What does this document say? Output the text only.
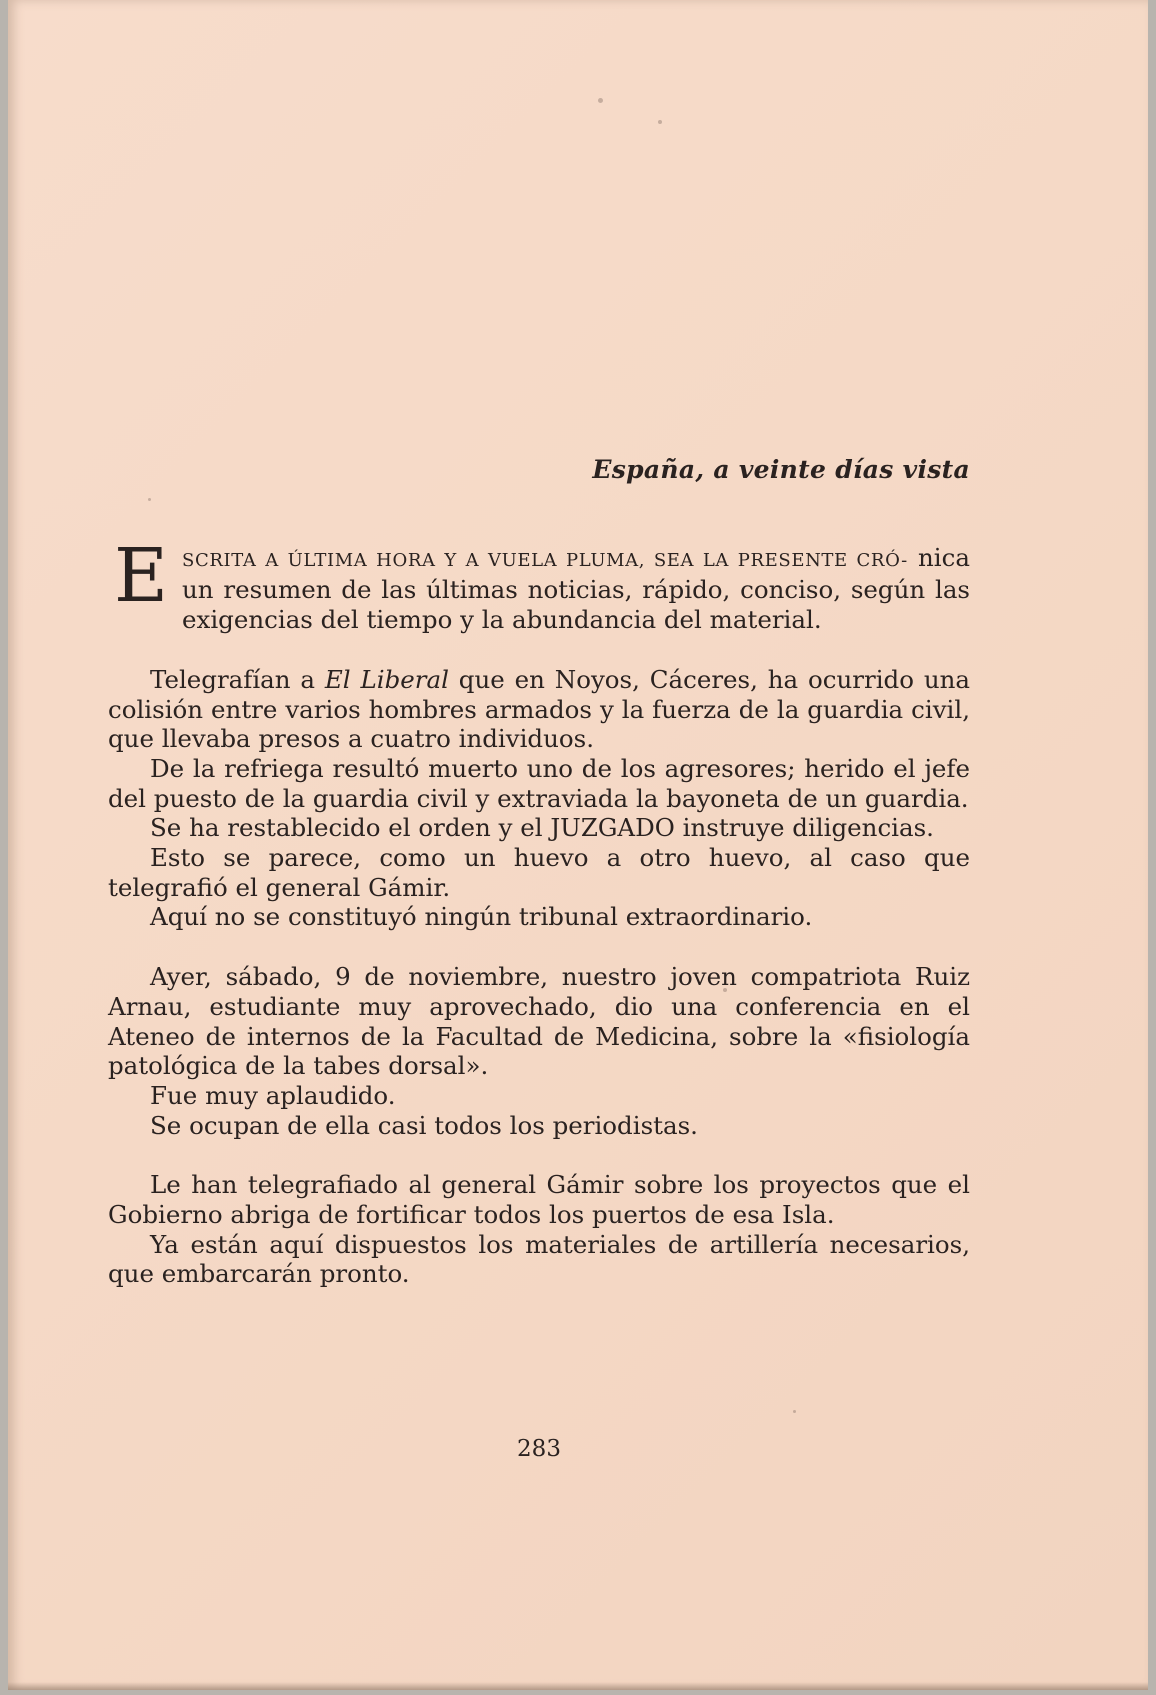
España, a veinte días vista

ESCRITA A ÚLTIMA HORA Y A VUELA PLUMA, SEA LA PRESENTE CRÓ- nica un resumen de las últimas noticias, rápido, conciso, según las exigencias del tiempo y la abundancia del material.

Telegrafían a El Liberal que en Noyos, Cáceres, ha ocurrido una colisión entre varios hombres armados y la fuerza de la guardia civil, que llevaba presos a cuatro individuos.

De la refriega resultó muerto uno de los agresores; herido el jefe del puesto de la guardia civil y extraviada la bayoneta de un guardia.

Se ha restablecido el orden y el JUZGADO instruye diligencias.

Esto se parece, como un huevo a otro huevo, al caso que telegrafió el general Gámir.

Aquí no se constituyó ningún tribunal extraordinario.

Ayer, sábado, 9 de noviembre, nuestro joven compatriota Ruiz Arnau, estudiante muy aprovechado, dio una conferencia en el Ateneo de internos de la Facultad de Medicina, sobre la «fisiología patológica de la tabes dorsal».

Fue muy aplaudido.

Se ocupan de ella casi todos los periodistas.

Le han telegrafiado al general Gámir sobre los proyectos que el Gobierno abriga de fortificar todos los puertos de esa Isla.

Ya están aquí dispuestos los materiales de artillería necesarios, que embarcarán pronto.

283
